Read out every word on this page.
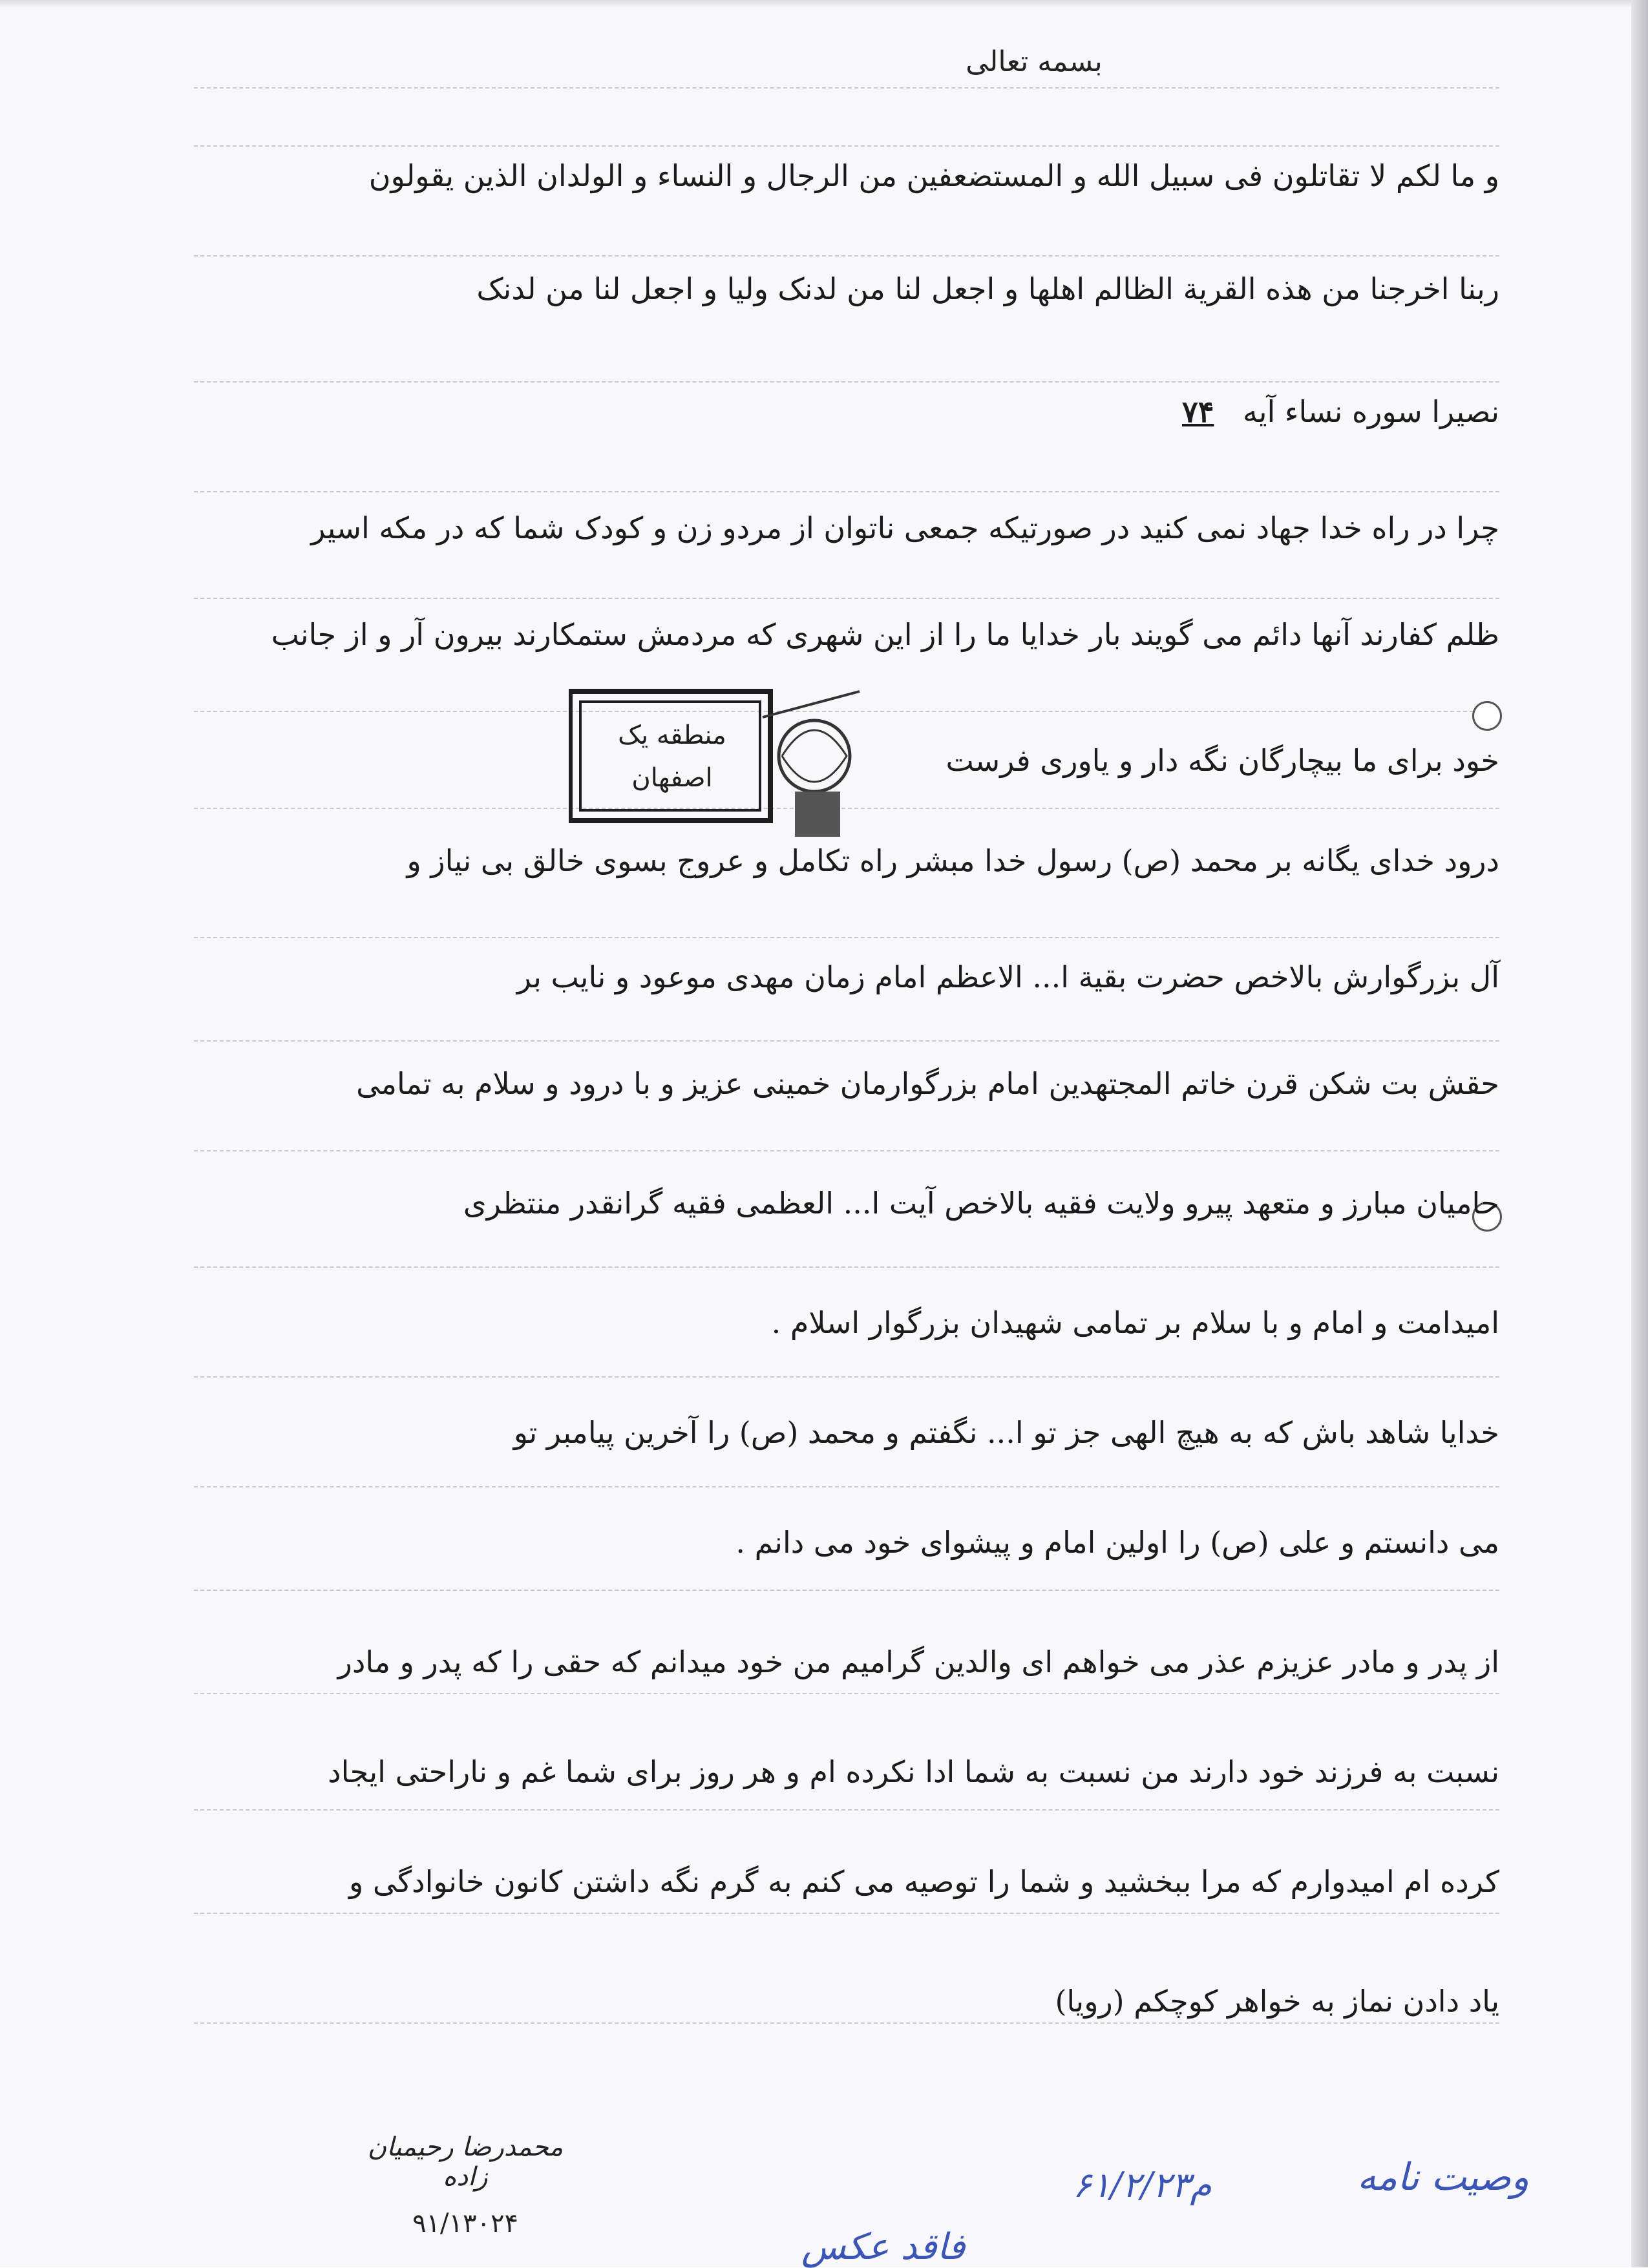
بسمه تعالی
و ما لکم لا تقاتلون فی سبیل الله و المستضعفین من الرجال و النساء و الولدان الذین یقولون
ربنا اخرجنا من هذه القریة الظالم اهلها و اجعل لنا من لدنک ولیا و اجعل لنا من لدنک
نصیرا سوره نساء آیه ۷۴
چرا در راه خدا جهاد نمی کنید در صورتیکه جمعی ناتوان از مردو زن و کودک شما که در مکه اسیر
ظلم کفارند آنها دائم می گویند بار خدایا ما را از این شهری که مردمش ستمکارند بیرون آر و از جانب
خود برای ما بیچارگان نگه دار و یاوری فرست
درود خدای یگانه بر محمد (ص) رسول خدا مبشر راه تکامل و عروج بسوی خالق بی نیاز و
آل بزرگوارش بالاخص حضرت بقیة ا... الاعظم امام زمان مهدی موعود و نایب بر
حقش بت شکن قرن خاتم المجتهدین امام بزرگوارمان خمینی عزیز و با درود و سلام به تمامی
حامیان مبارز و متعهد پیرو ولایت فقیه بالاخص آیت ا... العظمی فقیه گرانقدر منتظری
امیدامت و امام و با سلام بر تمامی شهیدان بزرگوار اسلام .
خدایا شاهد باش که به هیچ الهی جز تو ا... نگفتم و محمد (ص) را آخرین پیامبر تو
می دانستم و علی (ص) را اولین امام و پیشوای خود می دانم .
از پدر و مادر عزیزم عذر می خواهم ای والدین گرامیم من خود میدانم که حقی را که پدر و مادر
نسبت به فرزند خود دارند من نسبت به شما ادا نکرده ام و هر روز برای شما غم و ناراحتی ایجاد
کرده ام امیدوارم که مرا ببخشید و شما را توصیه می کنم به گرم نگه داشتن کانون خانوادگی و
یاد دادن نماز به خواهر کوچکم (رویا)
منطقه یک
اصفهان
محمدرضا رحیمیان زاده
۹۱/۱۳۰۲۴
۶۱/۲/۲۳م	وصیت نامه
فاقد عکس
